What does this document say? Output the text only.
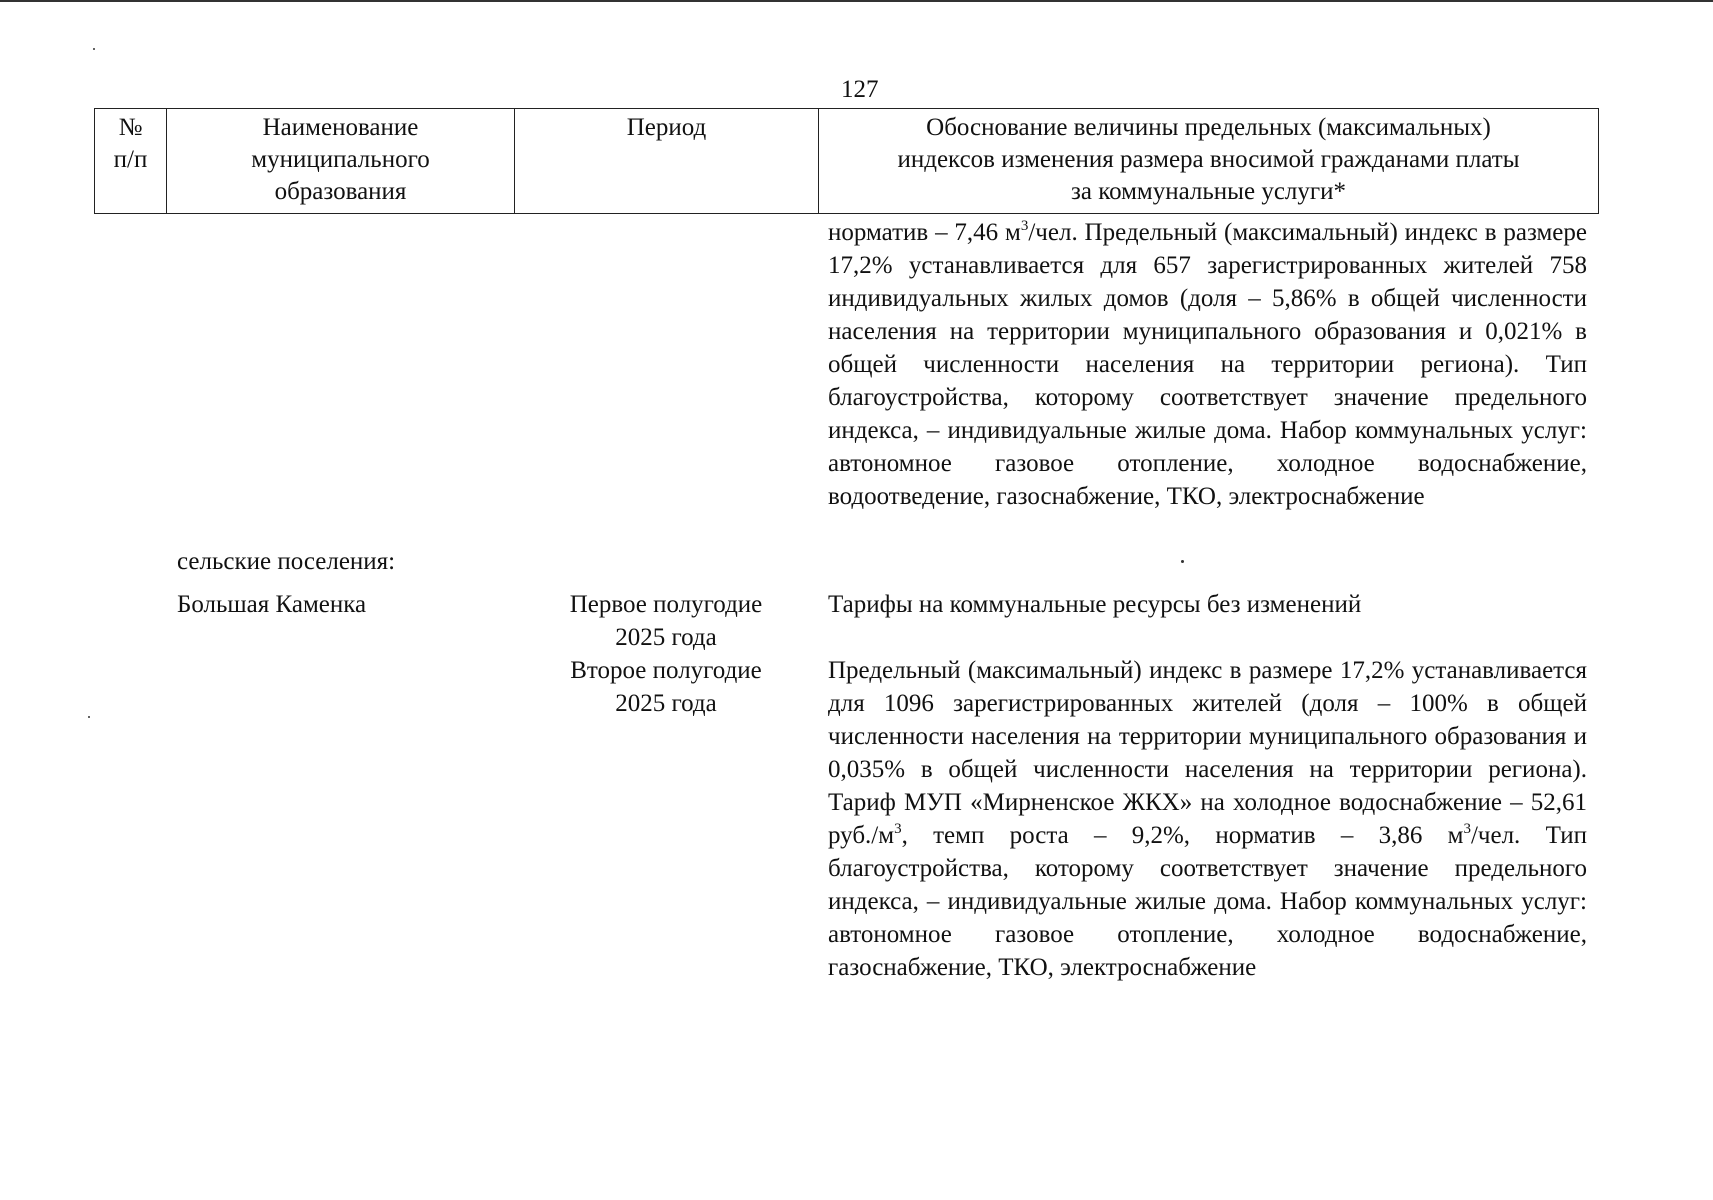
127
№
п/п
Наименование
муниципального
образования
Период	Обоснование величины предельных (максимальных)
индексов изменения размера вносимой гражданами платы
за коммунальные услуги*

норматив – 7,46 $м^3$/чел. Предельный (максимальный) индекс в размере 17,2% устанавливается для 657 зарегистрированных жителей 758 индивидуальных жилых домов (доля – 5,86% в общей численности населения на территории муниципального образования и 0,021% в общей численности населения на территории региона). Тип благоустройства, которому соответствует значение предельного индекса, – индивидуальные жилые дома. Набор коммунальных услуг: автономное газовое отопление, холодное водоснабжение, водоотведение, газоснабжение, ТКО, электроснабжение

сельские поселения:
Большая Каменка	Первое полугодие
2025 года
Второе полугодие
2025 года

Тарифы на коммунальные ресурсы без изменений

Предельный (максимальный) индекс в размере 17,2% устанавливается для 1096 зарегистрированных жителей (доля – 100% в общей численности населения на территории муниципального образования и 0,035% в общей численности населения на территории региона). Тариф МУП «Мирненское ЖКХ» на холодное водоснабжение – 52,61 $руб./м^3$, темп роста – 9,2%, норматив – 3,86 $м^3$/чел. Тип благоустройства, которому соответствует значение предельного индекса, – индивидуальные жилые дома. Набор коммунальных услуг: автономное газовое отопление, холодное водоснабжение, газоснабжение, ТКО, электроснабжение
